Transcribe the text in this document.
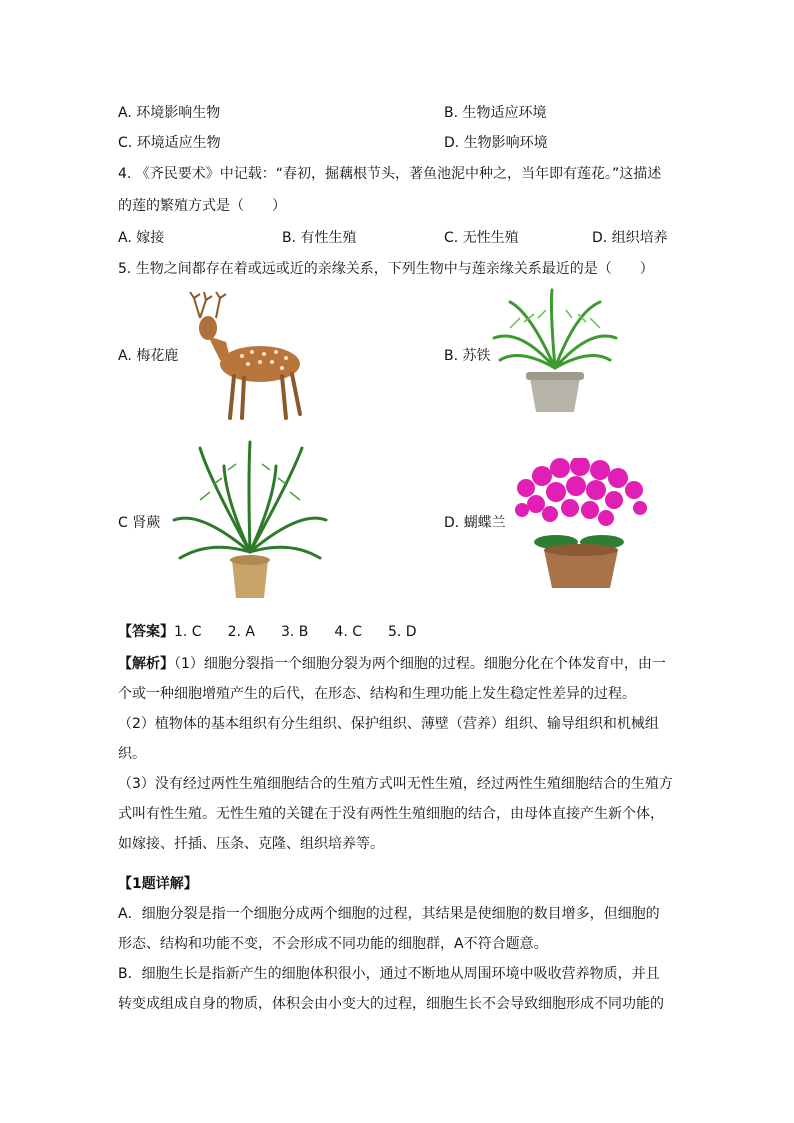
A. 环境影响生物	B. 生物适应环境
C. 环境适应生物	D. 生物影响环境
4. 《齐民要术》中记载：“春初，掘藕根节头，著鱼池泥中种之，当年即有莲花。”这描述
的莲的繁殖方式是（　　）
A. 嫁接	B. 有性生殖	C. 无性生殖	D. 组织培养
5. 生物之间都存在着或远或近的亲缘关系，下列生物中与莲亲缘关系最近的是（　　）
A. 梅花鹿	B. 苏铁
C 肾蕨	D. 蝴蝶兰
【答案】1. C 2. A 3. B 4. C 5. D

【解析】（1）细胞分裂指一个细胞分裂为两个细胞的过程。细胞分化在个体发育中，由一

个或一种细胞增殖产生的后代，在形态、结构和生理功能上发生稳定性差异的过程。

（2）植物体的基本组织有分生组织、保护组织、薄壁（营养）组织、输导组织和机械组

织。

（3）没有经过两性生殖细胞结合的生殖方式叫无性生殖，经过两性生殖细胞结合的生殖方

式叫有性生殖。无性生殖的关键在于没有两性生殖细胞的结合，由母体直接产生新个体，

如嫁接、扦插、压条、克隆、组织培养等。

【1题详解】

A．细胞分裂是指一个细胞分成两个细胞的过程，其结果是使细胞的数目增多，但细胞的

形态、结构和功能不变，不会形成不同功能的细胞群，A不符合题意。

B．细胞生长是指新产生的细胞体积很小，通过不断地从周围环境中吸收营养物质，并且

转变成组成自身的物质，体积会由小变大的过程，细胞生长不会导致细胞形成不同功能的
